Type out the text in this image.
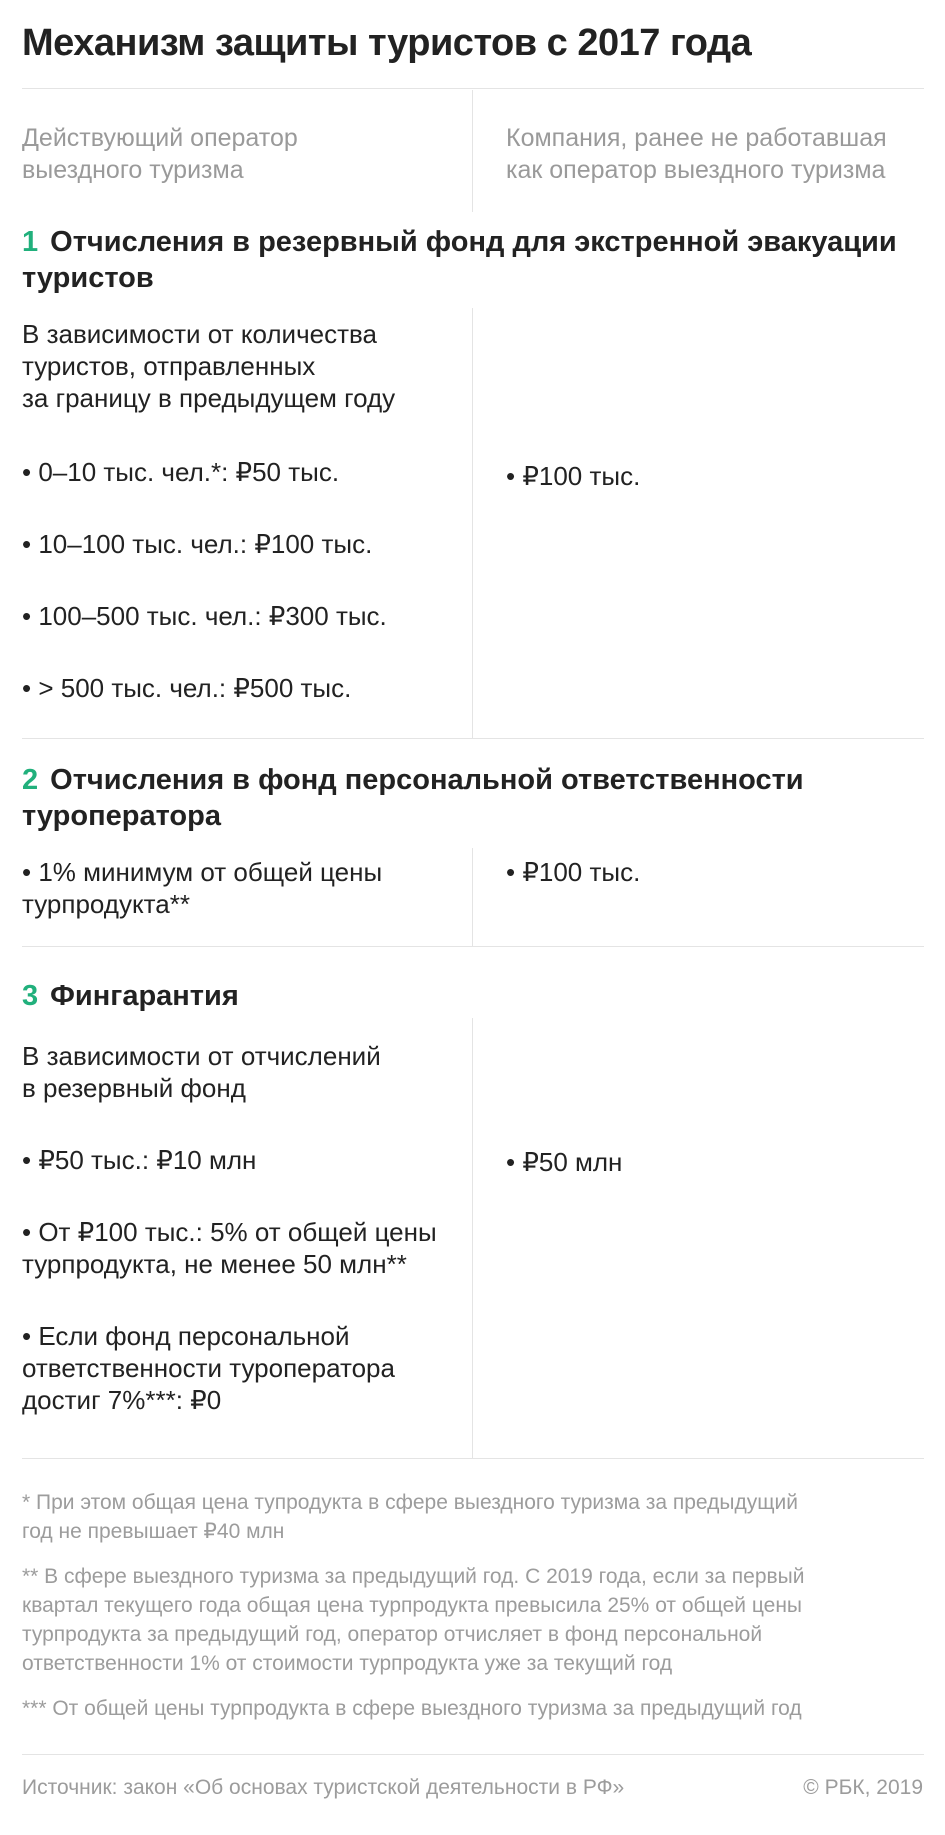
Механизм защиты туристов с 2017 года
Действующий оператор
выездного туризма
Компания, ранее не работавшая
как оператор выездного туризма
1 Отчисления в резервный фонд для экстренной эвакуации
туристов
В зависимости от количества
туристов, отправленных
за границу в предыдущем году
• 0–10 тыс. чел.*: ₽50 тыс.
• 10–100 тыс. чел.: ₽100 тыс.
• 100–500 тыс. чел.: ₽300 тыс.
• > 500 тыс. чел.: ₽500 тыс.
• ₽100 тыс.
2 Отчисления в фонд персональной ответственности
туроператора
• 1% минимум от общей цены
турпродукта**
• ₽100 тыс.
3 Фингарантия
В зависимости от отчислений
в резервный фонд
• ₽50 тыс.: ₽10 млн
• От ₽100 тыс.: 5% от общей цены
турпродукта, не менее 50 млн**
• Если фонд персональной
ответственности туроператора
достиг 7%***: ₽0
• ₽50 млн
* При этом общая цена тупродукта в сфере выездного туризма за предыдущий
год не превышает ₽40 млн
** В сфере выездного туризма за предыдущий год. С 2019 года, если за первый
квартал текущего года общая цена турпродукта превысила 25% от общей цены
турпродукта за предыдущий год, оператор отчисляет в фонд персональной
ответственности 1% от стоимости турпродукта уже за текущий год
*** От общей цены турпродукта в сфере выездного туризма за предыдущий год
Источник: закон «Об основах туристской деятельности в РФ»	© РБК, 2019
